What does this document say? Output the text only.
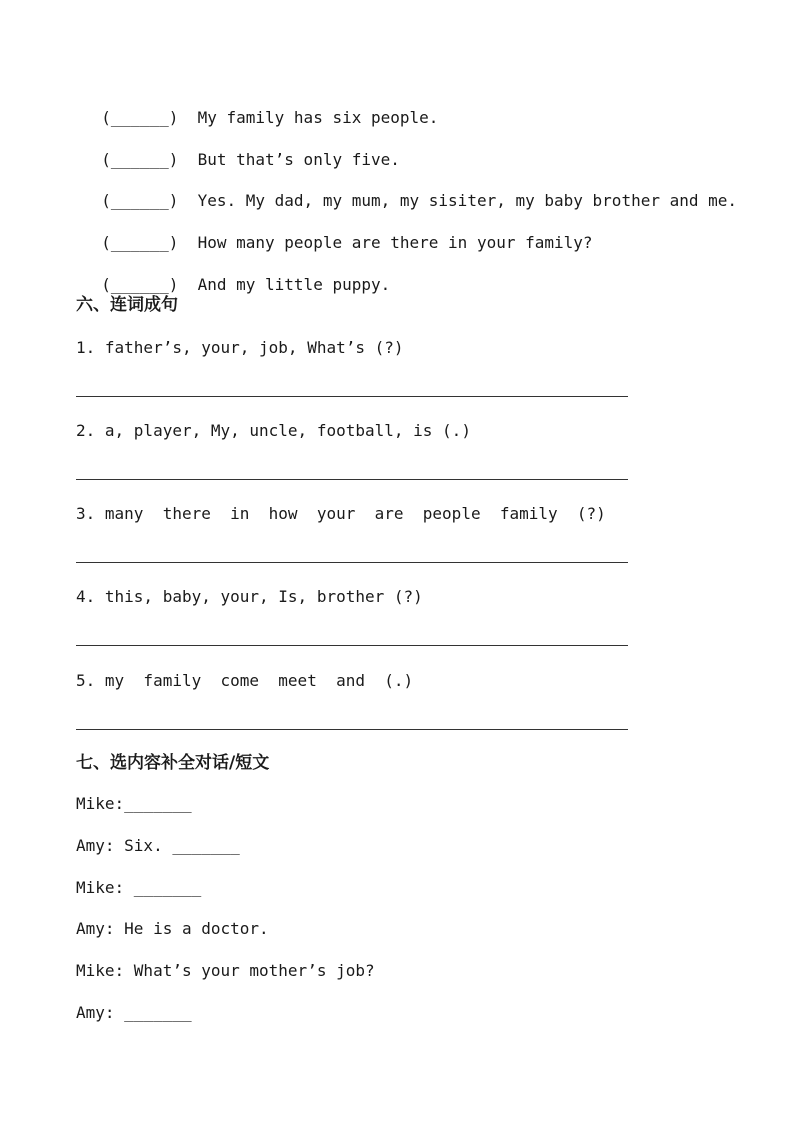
(______) My family has six people.

(______) But that’s only five.

(______) Yes. My dad, my mum, my sisiter, my baby brother and me.

(______) How many people are there in your family?

(______) And my little puppy.

六、连词成句
1. father’s, your, job, What’s (?)
2. a, player, My, uncle, football, is (.)
3. many  there  in  how  your  are  people  family  (?)
4. this, baby, your, Is, brother (?)
5. my  family  come  meet  and  (.)
七、选内容补全对话/短文
Mike:_______
Amy: Six. _______
Mike: _______
Amy: He is a doctor.
Mike: What’s your mother’s job?
Amy: _______
